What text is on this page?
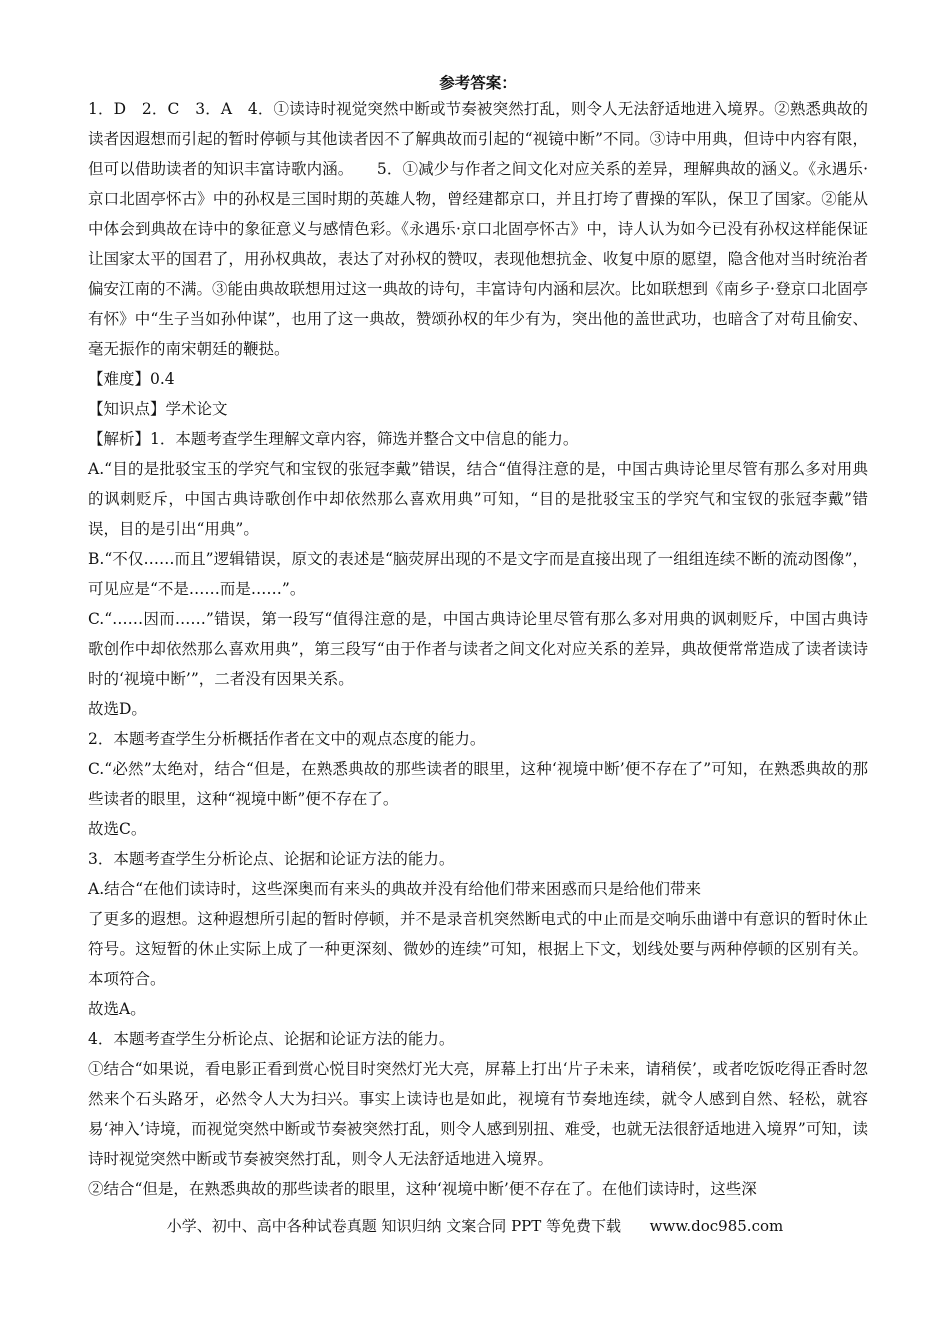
参考答案：

1．D　2．C　3．A　4．①读诗时视觉突然中断或节奏被突然打乱，则令人无法舒适地进入境界。②熟悉典故的读者因遐想而引起的暂时停顿与其他读者因不了解典故而引起的“视镜中断”不同。③诗中用典，但诗中内容有限，但可以借助读者的知识丰富诗歌内涵。　　5．①减少与作者之间文化对应关系的差异，理解典故的涵义。《永遇乐·京口北固亭怀古》中的孙权是三国时期的英雄人物，曾经建都京口，并且打垮了曹操的军队，保卫了国家。②能从中体会到典故在诗中的象征意义与感情色彩。《永遇乐·京口北固亭怀古》中，诗人认为如今已没有孙权这样能保证让国家太平的国君了，用孙权典故，表达了对孙权的赞叹，表现他想抗金、收复中原的愿望，隐含他对当时统治者偏安江南的不满。③能由典故联想用过这一典故的诗句，丰富诗句内涵和层次。比如联想到《南乡子·登京口北固亭有怀》中“生子当如孙仲谋”，也用了这一典故，赞颂孙权的年少有为，突出他的盖世武功，也暗含了对苟且偷安、毫无振作的南宋朝廷的鞭挞。

【难度】0.4

【知识点】学术论文

【解析】1．本题考查学生理解文章内容，筛选并整合文中信息的能力。

A.“目的是批驳宝玉的学究气和宝钗的张冠李戴”错误，结合“值得注意的是，中国古典诗论里尽管有那么多对用典的讽刺贬斥，中国古典诗歌创作中却依然那么喜欢用典”可知，“目的是批驳宝玉的学究气和宝钗的张冠李戴”错误，目的是引出“用典”。

B.“不仅……而且”逻辑错误，原文的表述是“脑荧屏出现的不是文字而是直接出现了一组组连续不断的流动图像”，可见应是“不是……而是……”。

C.“……因而……”错误，第一段写“值得注意的是，中国古典诗论里尽管有那么多对用典的讽刺贬斥，中国古典诗歌创作中却依然那么喜欢用典”，第三段写“由于作者与读者之间文化对应关系的差异，典故便常常造成了读者读诗时的‘视境中断’”，二者没有因果关系。

故选D。

2．本题考查学生分析概括作者在文中的观点态度的能力。

C.“必然”太绝对，结合“但是，在熟悉典故的那些读者的眼里，这种‘视境中断’便不存在了”可知，在熟悉典故的那些读者的眼里，这种“视境中断”便不存在了。

故选C。

3．本题考查学生分析论点、论据和论证方法的能力。

A.结合“在他们读诗时，这些深奥而有来头的典故并没有给他们带来困惑而只是给他们带来

了更多的遐想。这种遐想所引起的暂时停顿，并不是录音机突然断电式的中止而是交响乐曲谱中有意识的暂时休止符号。这短暂的休止实际上成了一种更深刻、微妙的连续”可知，根据上下文，划线处要与两种停顿的区别有关。本项符合。

故选A。

4．本题考查学生分析论点、论据和论证方法的能力。

①结合“如果说，看电影正看到赏心悦目时突然灯光大亮，屏幕上打出‘片子未来，请稍侯’，或者吃饭吃得正香时忽然来个石头路牙，必然令人大为扫兴。事实上读诗也是如此，视境有节奏地连续，就令人感到自然、轻松，就容易‘神入’诗境，而视觉突然中断或节奏被突然打乱，则令人感到别扭、难受，也就无法很舒适地进入境界”可知，读诗时视觉突然中断或节奏被突然打乱，则令人无法舒适地进入境界。

②结合“但是，在熟悉典故的那些读者的眼里，这种‘视境中断’便不存在了。在他们读诗时，这些深

小学、初中、高中各种试卷真题 知识归纳 文案合同 PPT 等免费下载 www.doc985.com
